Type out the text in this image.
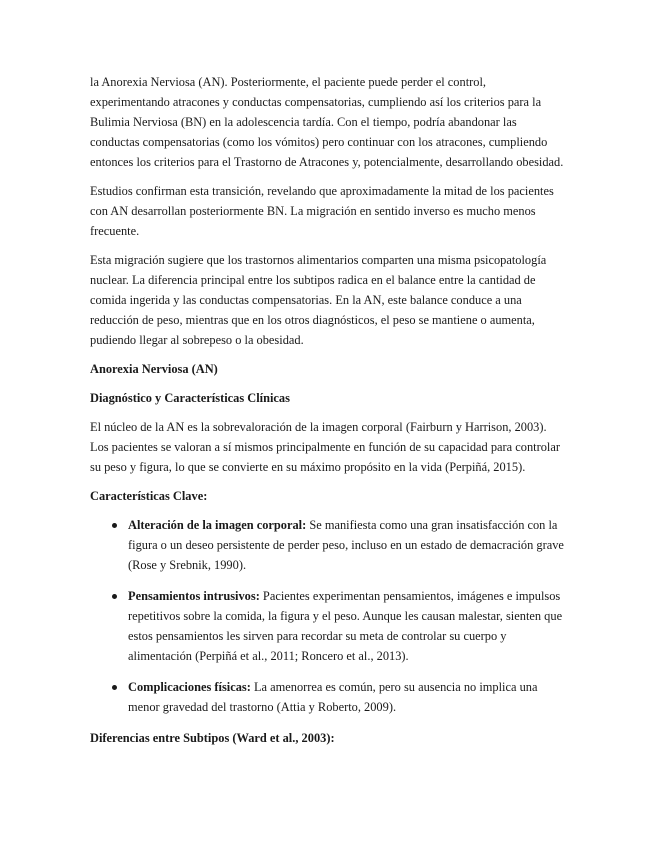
la Anorexia Nerviosa (AN). Posteriormente, el paciente puede perder el control, experimentando atracones y conductas compensatorias, cumpliendo así los criterios para la Bulimia Nerviosa (BN) en la adolescencia tardía. Con el tiempo, podría abandonar las conductas compensatorias (como los vómitos) pero continuar con los atracones, cumpliendo entonces los criterios para el Trastorno de Atracones y, potencialmente, desarrollando obesidad.

Estudios confirman esta transición, revelando que aproximadamente la mitad de los pacientes con AN desarrollan posteriormente BN. La migración en sentido inverso es mucho menos frecuente.

Esta migración sugiere que los trastornos alimentarios comparten una misma psicopatología nuclear. La diferencia principal entre los subtipos radica en el balance entre la cantidad de comida ingerida y las conductas compensatorias. En la AN, este balance conduce a una reducción de peso, mientras que en los otros diagnósticos, el peso se mantiene o aumenta, pudiendo llegar al sobrepeso o la obesidad.

Anorexia Nerviosa (AN)

Diagnóstico y Características Clínicas

El núcleo de la AN es la sobrevaloración de la imagen corporal (Fairburn y Harrison, 2003). Los pacientes se valoran a sí mismos principalmente en función de su capacidad para controlar su peso y figura, lo que se convierte en su máximo propósito en la vida (Perpiñá, 2015).

Características Clave:

Alteración de la imagen corporal: Se manifiesta como una gran insatisfacción con la figura o un deseo persistente de perder peso, incluso en un estado de demacración grave (Rose y Srebnik, 1990).
Pensamientos intrusivos: Pacientes experimentan pensamientos, imágenes e impulsos repetitivos sobre la comida, la figura y el peso. Aunque les causan malestar, sienten que estos pensamientos les sirven para recordar su meta de controlar su cuerpo y alimentación (Perpiñá et al., 2011; Roncero et al., 2013).
Complicaciones físicas: La amenorrea es común, pero su ausencia no implica una menor gravedad del trastorno (Attia y Roberto, 2009).

Diferencias entre Subtipos (Ward et al., 2003):
